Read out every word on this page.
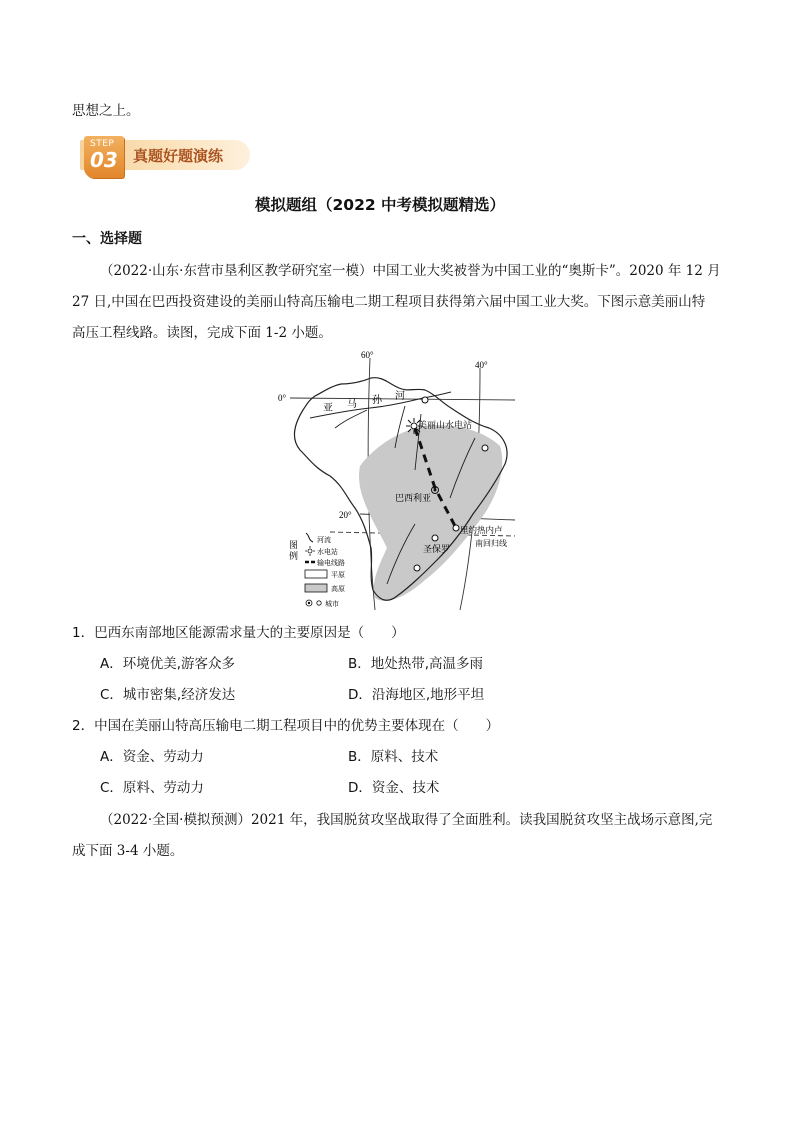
思想之上。
STEP
03 真题好题演练
模拟题组（2022 中考模拟题精选）
一、选择题
（2022·山东·东营市垦利区教学研究室一模）中国工业大奖被誉为中国工业的“奥斯卡”。2020 年 12 月
27 日,中国在巴西投资建设的美丽山特高压输电二期工程项目获得第六届中国工业大奖。下图示意美丽山特
高压工程线路。读图，完成下面 1-2 小题。
60°
40°
0°
20°
亚 马 孙 河
美丽山水电站
巴西利亚
里约热内卢
圣保罗
南回归线
图
例
河流
水电站
输电线路
平原
高原
城市
1．巴西东南部地区能源需求量大的主要原因是（　　）
A．环境优美,游客众多	B．地处热带,高温多雨
C．城市密集,经济发达	D．沿海地区,地形平坦
2．中国在美丽山特高压输电二期工程项目中的优势主要体现在（　　）
A．资金、劳动力	B．原料、技术
C．原料、劳动力	D．资金、技术
（2022·全国·模拟预测）2021 年，我国脱贫攻坚战取得了全面胜利。读我国脱贫攻坚主战场示意图,完
成下面 3-4 小题。
